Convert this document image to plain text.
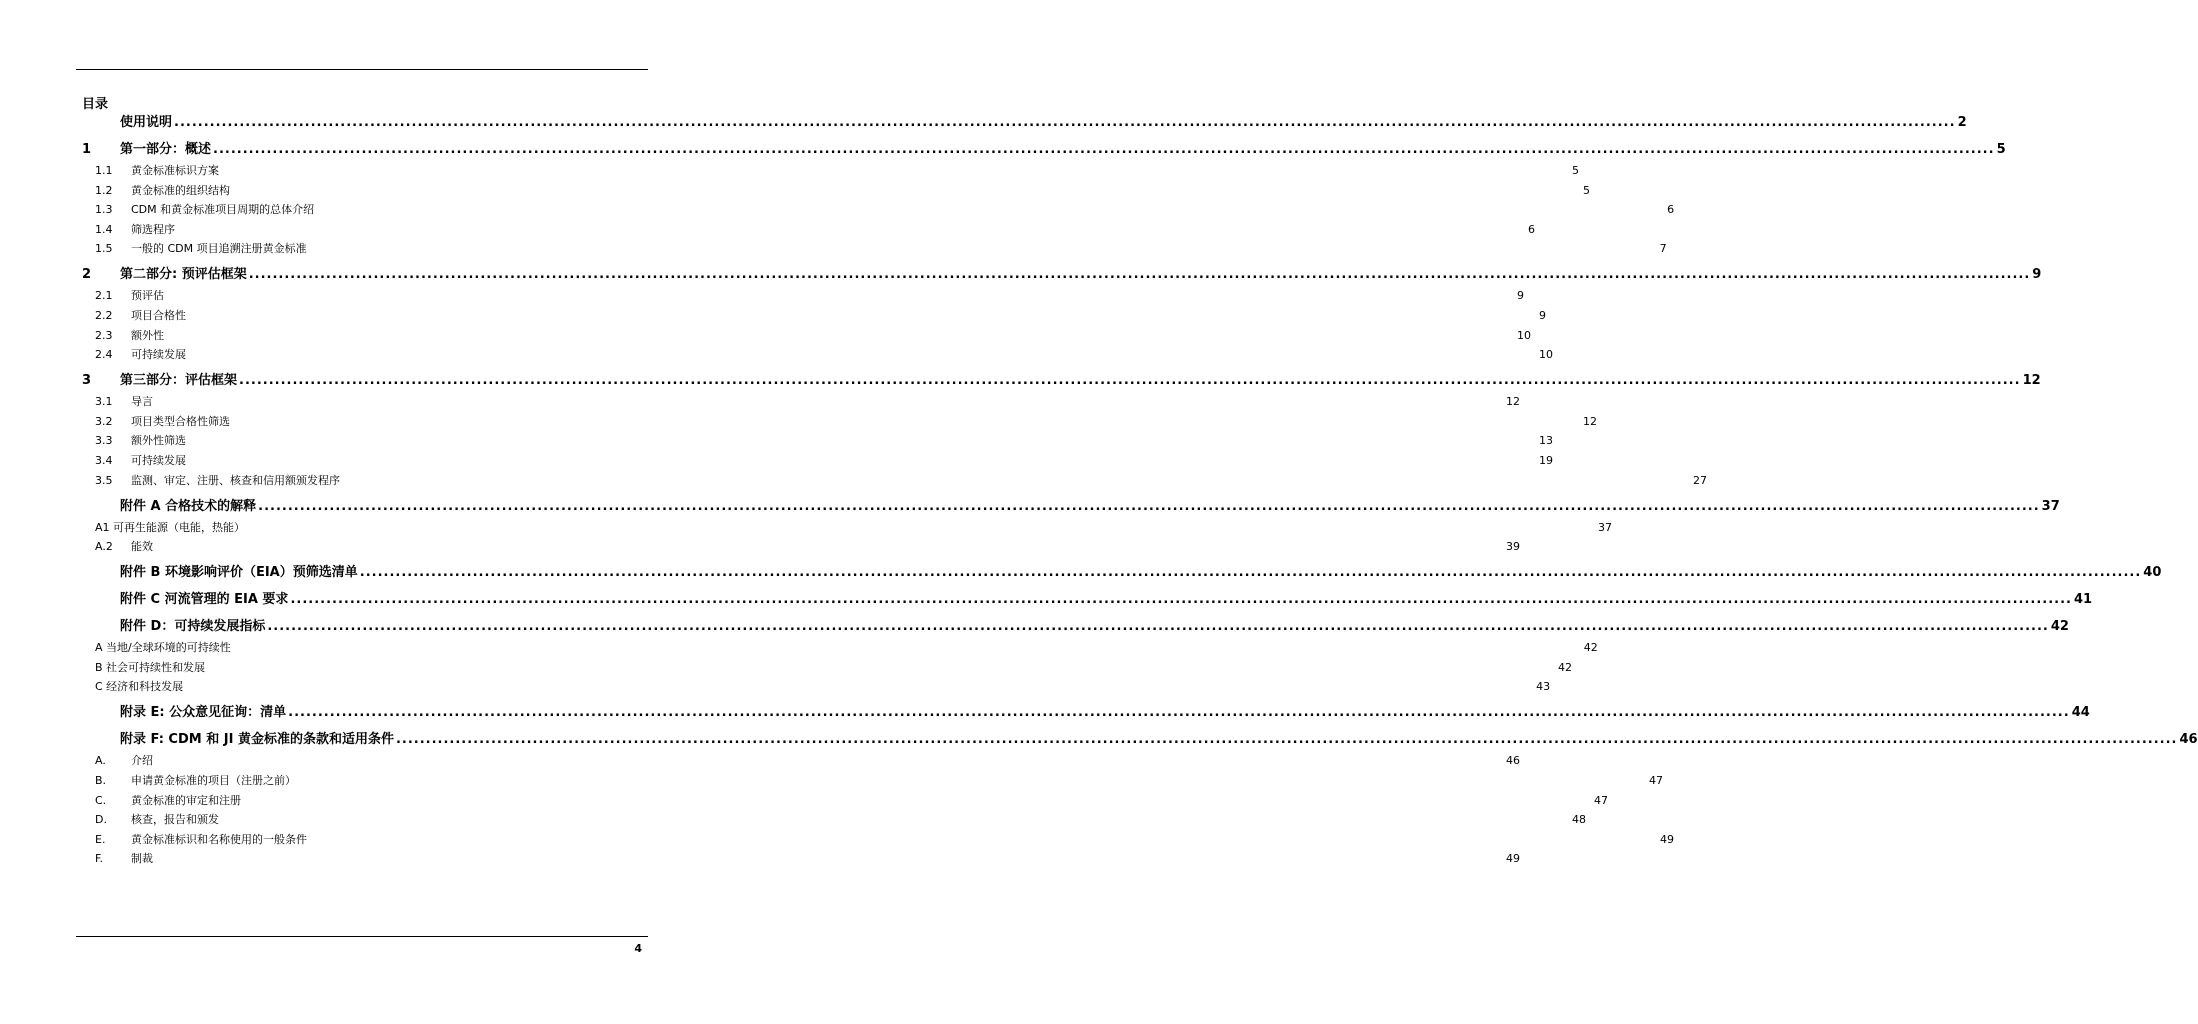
目录
使用说明 ............................................................................................................................................................................................................................................................................................................ 2
1	第一部分：概述 ............................................................................................................................................................................................................................................................................................................ 5
1.1	黄金标准标识方案	5
1.2	黄金标准的组织结构	5
1.3	CDM 和黄金标准项目周期的总体介绍	6
1.4	筛选程序	6
1.5	一般的 CDM 项目追溯注册黄金标准	7
2	第二部分: 预评估框架 ............................................................................................................................................................................................................................................................................................................ 9
2.1	预评估	9
2.2	项目合格性	9
2.3	额外性	10
2.4	可持续发展	10
3	第三部分：评估框架 ............................................................................................................................................................................................................................................................................................................ 12
3.1	导言	12
3.2	项目类型合格性筛选	12
3.3	额外性筛选	13
3.4	可持续发展	19
3.5	监测、审定、注册、核查和信用额颁发程序	27
附件 A 合格技术的解释 ............................................................................................................................................................................................................................................................................................................ 37
A1 可再生能源（电能，热能）	37
A.2	能效	39
附件 B 环境影响评价（EIA）预筛选清单 ............................................................................................................................................................................................................................................................................................................ 40
附件 C 河流管理的 EIA 要求 ............................................................................................................................................................................................................................................................................................................ 41
附件 D：可持续发展指标 ............................................................................................................................................................................................................................................................................................................ 42
A 当地/全球环境的可持续性	42
B 社会可持续性和发展	42
C 经济和科技发展	43
附录 E: 公众意见征询：清单 ............................................................................................................................................................................................................................................................................................................ 44
附录 F: CDM 和 JI 黄金标准的条款和适用条件 ............................................................................................................................................................................................................................................................................................................ 46
A.	介绍	46
B.	申请黄金标准的项目（注册之前）	47
C.	黄金标准的审定和注册	47
D.	核查，报告和颁发	48
E.	黄金标准标识和名称使用的一般条件	49
F.	制裁	49
4
